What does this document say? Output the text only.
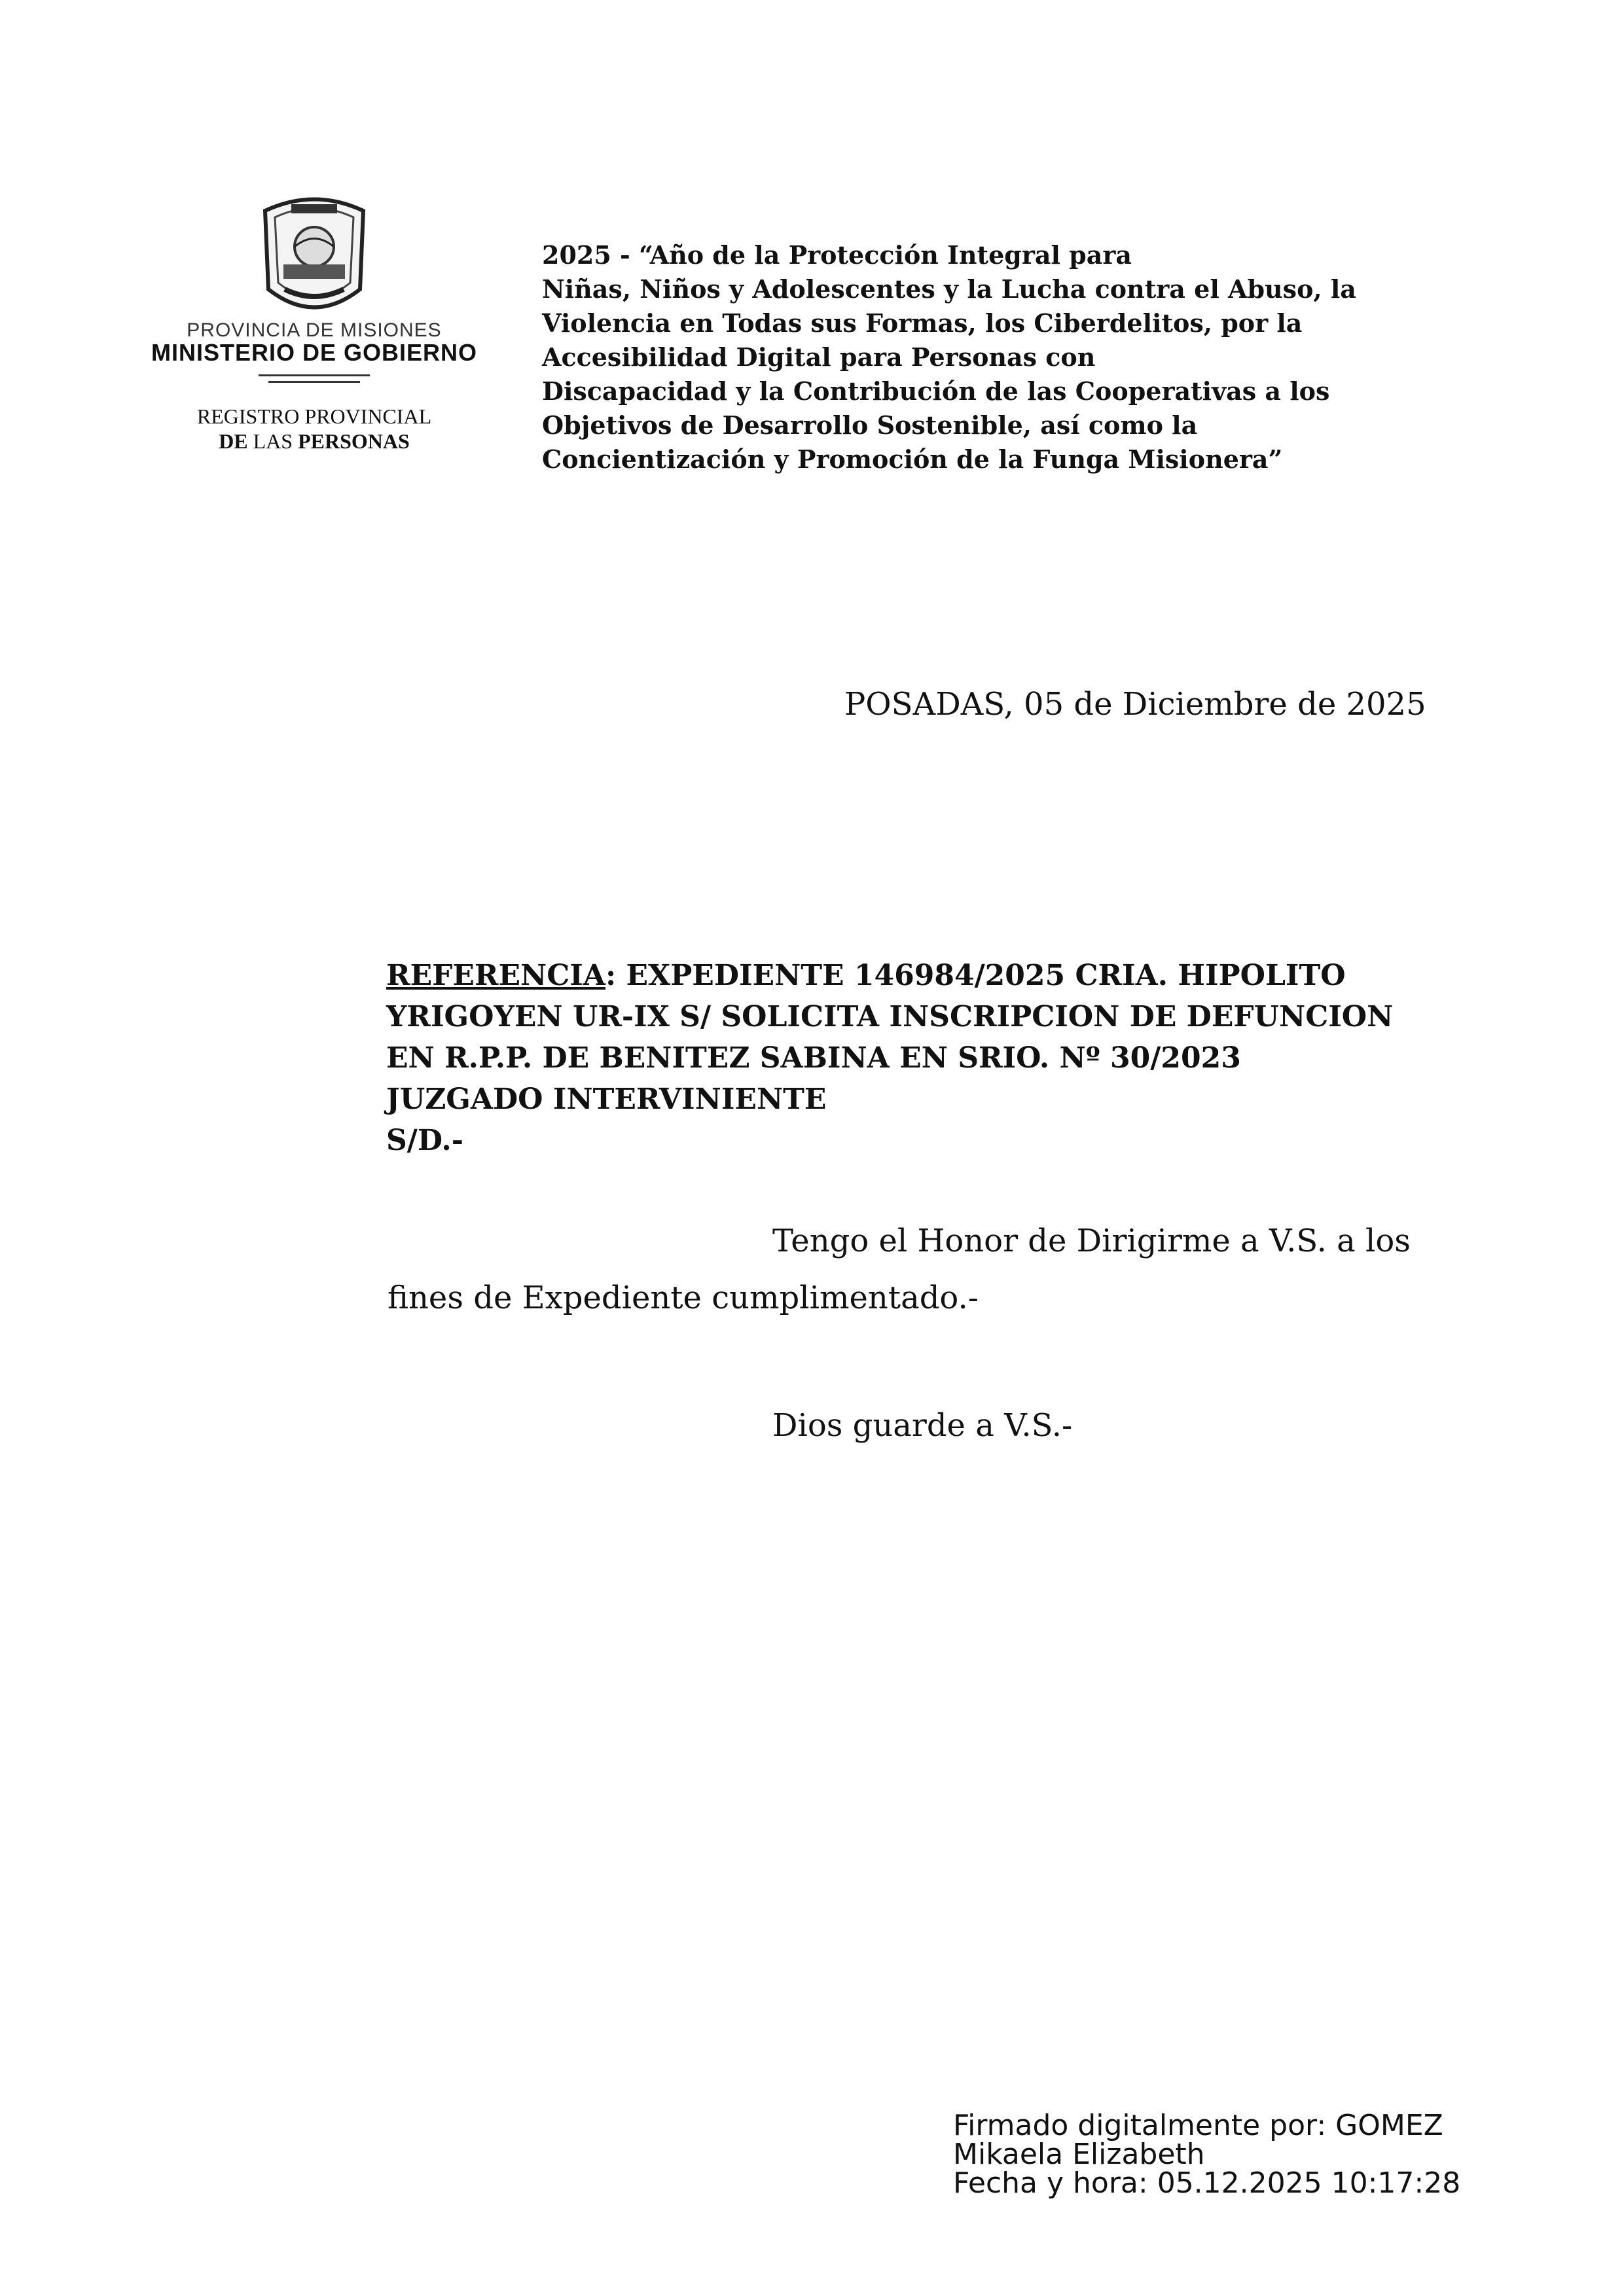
PROVINCIA DE MISIONES
MINISTERIO DE GOBIERNO
REGISTRO PROVINCIAL
DE LAS PERSONAS
2025 - “Año de la Protección Integral para
Niñas, Niños y Adolescentes y la Lucha contra el Abuso, la
Violencia en Todas sus Formas, los Ciberdelitos, por la
Accesibilidad Digital para Personas con
Discapacidad y la Contribución de las Cooperativas a los
Objetivos de Desarrollo Sostenible, así como la
Concientización y Promoción de la Funga Misionera”
POSADAS, 05 de Diciembre de 2025
REFERENCIA: EXPEDIENTE 146984/2025 CRIA. HIPOLITO
YRIGOYEN UR-IX S/ SOLICITA INSCRIPCION DE DEFUNCION
EN R.P.P. DE BENITEZ SABINA EN SRIO. Nº 30/2023
JUZGADO INTERVINIENTE
S/D.-
Tengo el Honor de Dirigirme a V.S. a los
fines de Expediente cumplimentado.-
Dios guarde a V.S.-
Firmado digitalmente por: GOMEZ
Mikaela Elizabeth
Fecha y hora: 05.12.2025 10:17:28
